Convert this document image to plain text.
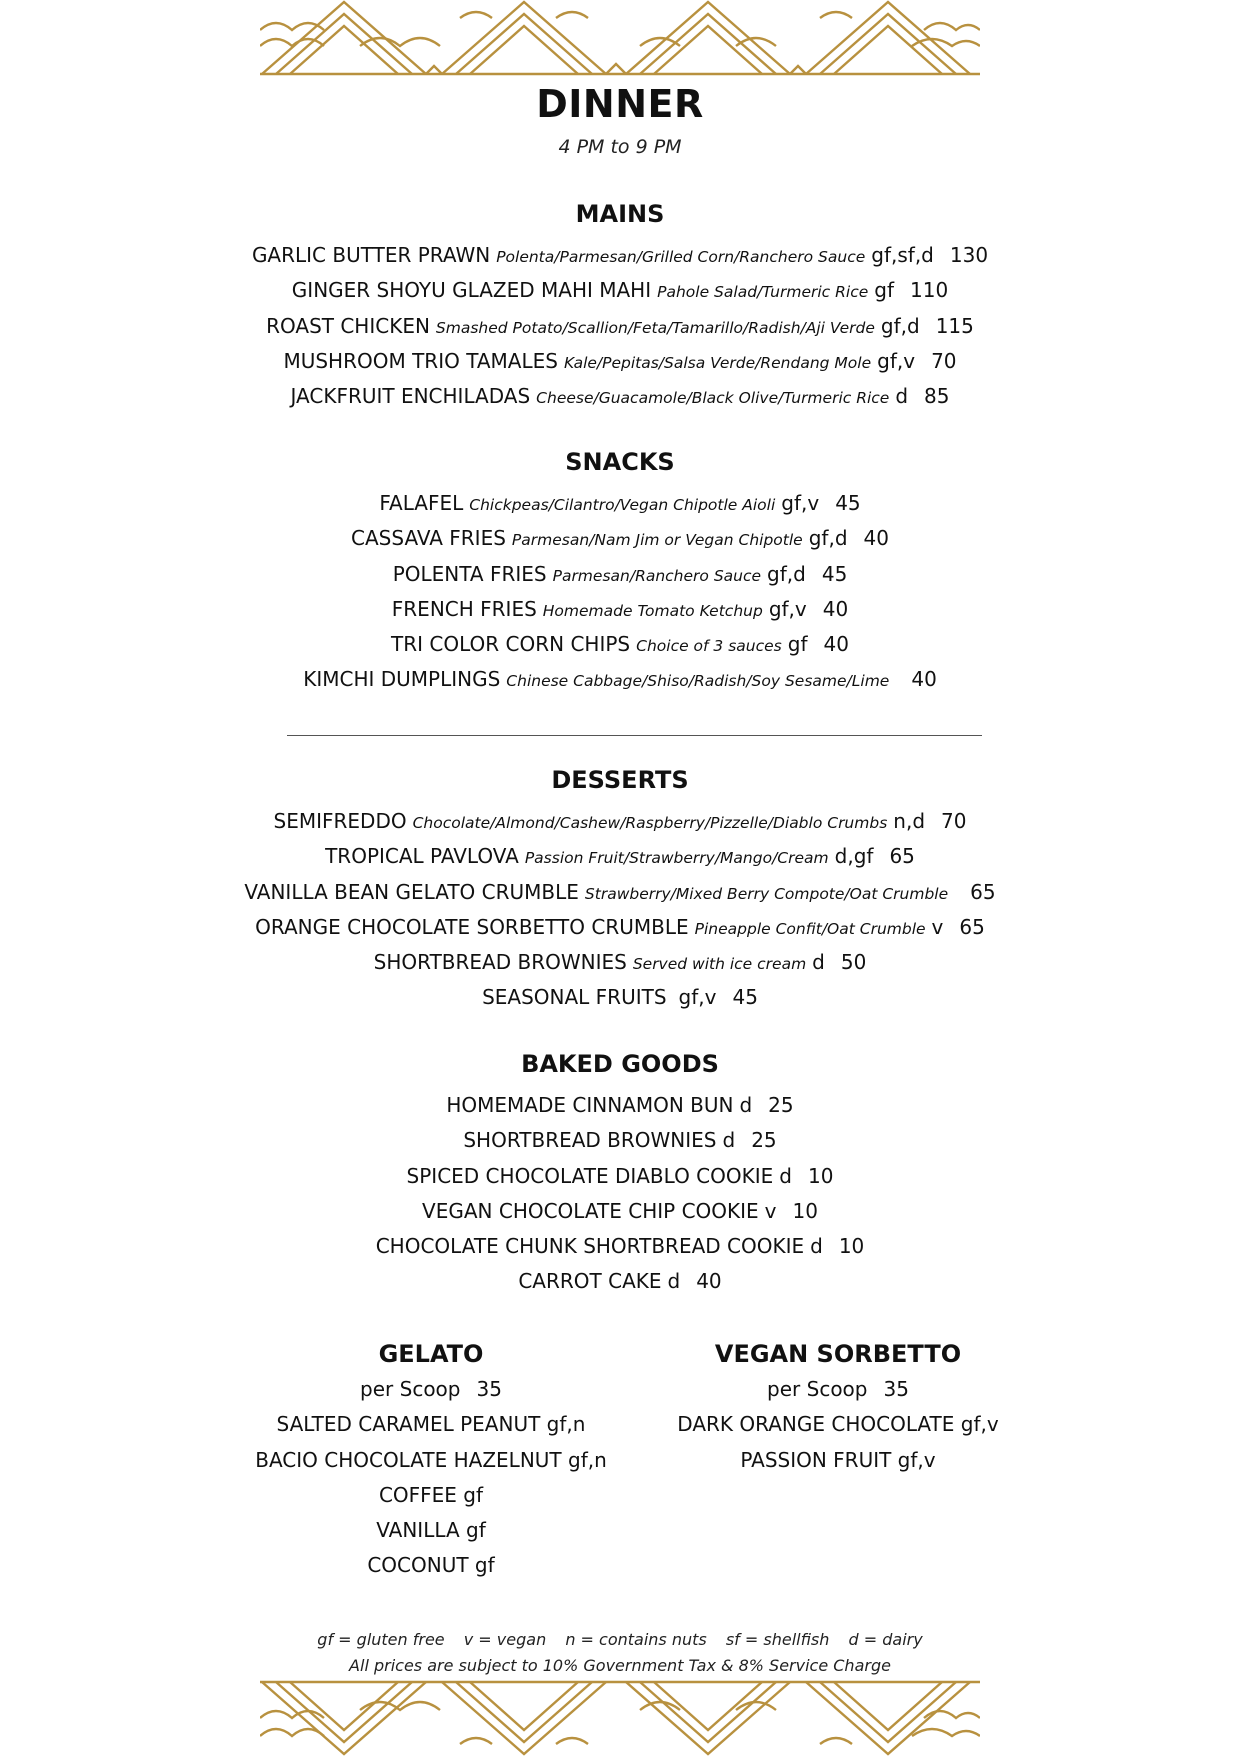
DINNER
4 PM to 9 PM
MAINS
GARLIC BUTTER PRAWN Polenta/Parmesan/Grilled Corn/Ranchero Sauce gf,sf,d 130
GINGER SHOYU GLAZED MAHI MAHI Pahole Salad/Turmeric Rice gf 110
ROAST CHICKEN Smashed Potato/Scallion/Feta/Tamarillo/Radish/Aji Verde gf,d 115
MUSHROOM TRIO TAMALES Kale/Pepitas/Salsa Verde/Rendang Mole gf,v 70
JACKFRUIT ENCHILADAS Cheese/Guacamole/Black Olive/Turmeric Rice d 85
SNACKS
FALAFEL Chickpeas/Cilantro/Vegan Chipotle Aioli gf,v 45
CASSAVA FRIES Parmesan/Nam Jim or Vegan Chipotle gf,d 40
POLENTA FRIES Parmesan/Ranchero Sauce gf,d 45
FRENCH FRIES Homemade Tomato Ketchup gf,v 40
TRI COLOR CORN CHIPS Choice of 3 sauces gf 40
KIMCHI DUMPLINGS Chinese Cabbage/Shiso/Radish/Soy Sesame/Lime 40
DESSERTS
SEMIFREDDO Chocolate/Almond/Cashew/Raspberry/Pizzelle/Diablo Crumbs n,d 70
TROPICAL PAVLOVA Passion Fruit/Strawberry/Mango/Cream d,gf 65
VANILLA BEAN GELATO CRUMBLE Strawberry/Mixed Berry Compote/Oat Crumble 65
ORANGE CHOCOLATE SORBETTO CRUMBLE Pineapple Confit/Oat Crumble v 65
SHORTBREAD BROWNIES Served with ice cream d 50
SEASONAL FRUITS gf,v 45
BAKED GOODS
HOMEMADE CINNAMON BUN d 25
SHORTBREAD BROWNIES d 25
SPICED CHOCOLATE DIABLO COOKIE d 10
VEGAN CHOCOLATE CHIP COOKIE v 10
CHOCOLATE CHUNK SHORTBREAD COOKIE d 10
CARROT CAKE d 40
GELATO
per Scoop 35
SALTED CARAMEL PEANUT gf,n
BACIO CHOCOLATE HAZELNUT gf,n
COFFEE gf
VANILLA gf
COCONUT gf
VEGAN SORBETTO
per Scoop 35
DARK ORANGE CHOCOLATE gf,v
PASSION FRUIT gf,v
gf = gluten free v = vegan n = contains nuts sf = shellfish d = dairy
All prices are subject to 10% Government Tax & 8% Service Charge
